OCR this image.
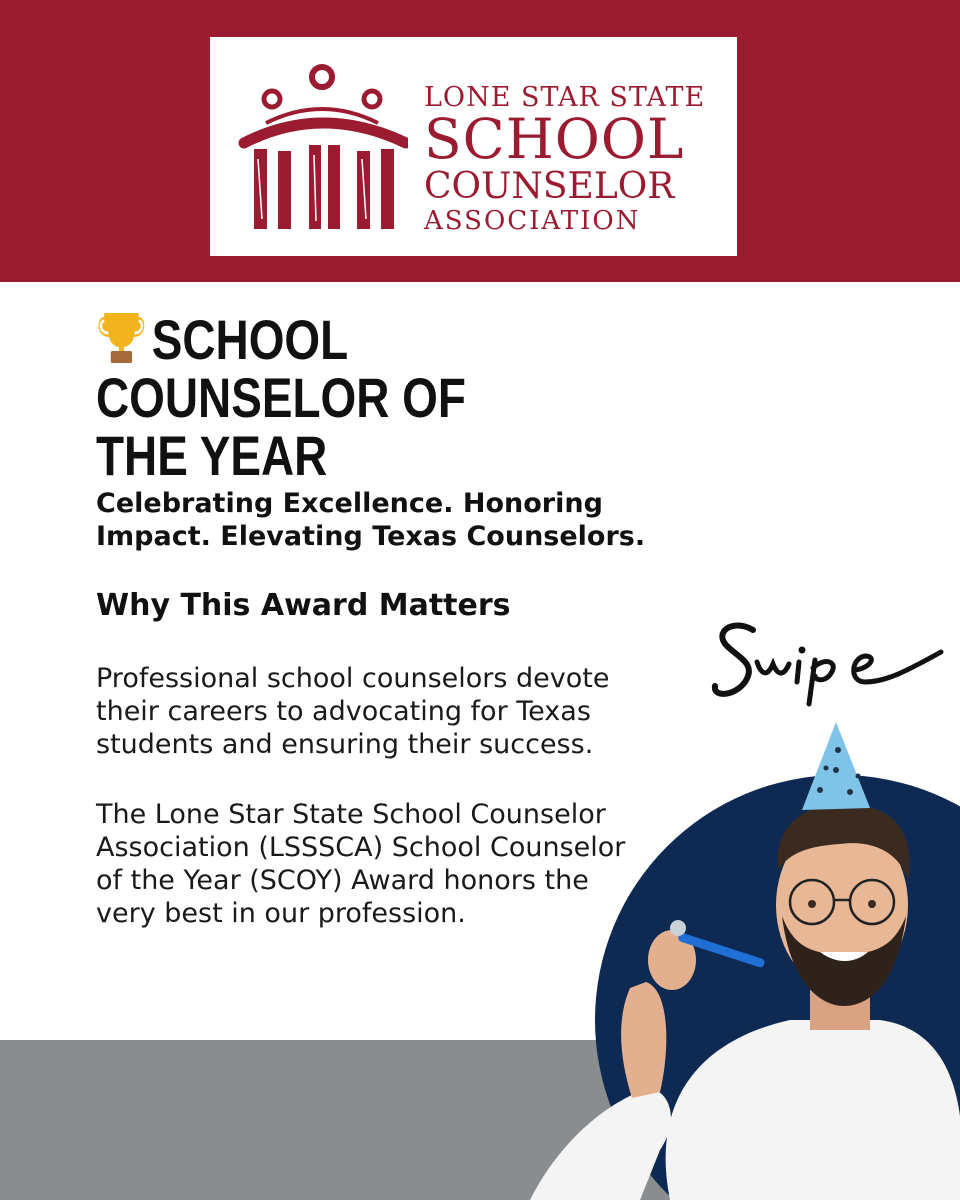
LONE STAR STATE
SCHOOL
COUNSELOR
ASSOCIATION
SCHOOL COUNSELOR OF
THE YEAR
Celebrating Excellence. Honoring
Impact. Elevating Texas Counselors.
Why This Award Matters
Professional school counselors devote
their careers to advocating for Texas
students and ensuring their success.
The Lone Star State School Counselor
Association (LSSSCA) School Counselor
of the Year (SCOY) Award honors the
very best in our profession.
Swipe
